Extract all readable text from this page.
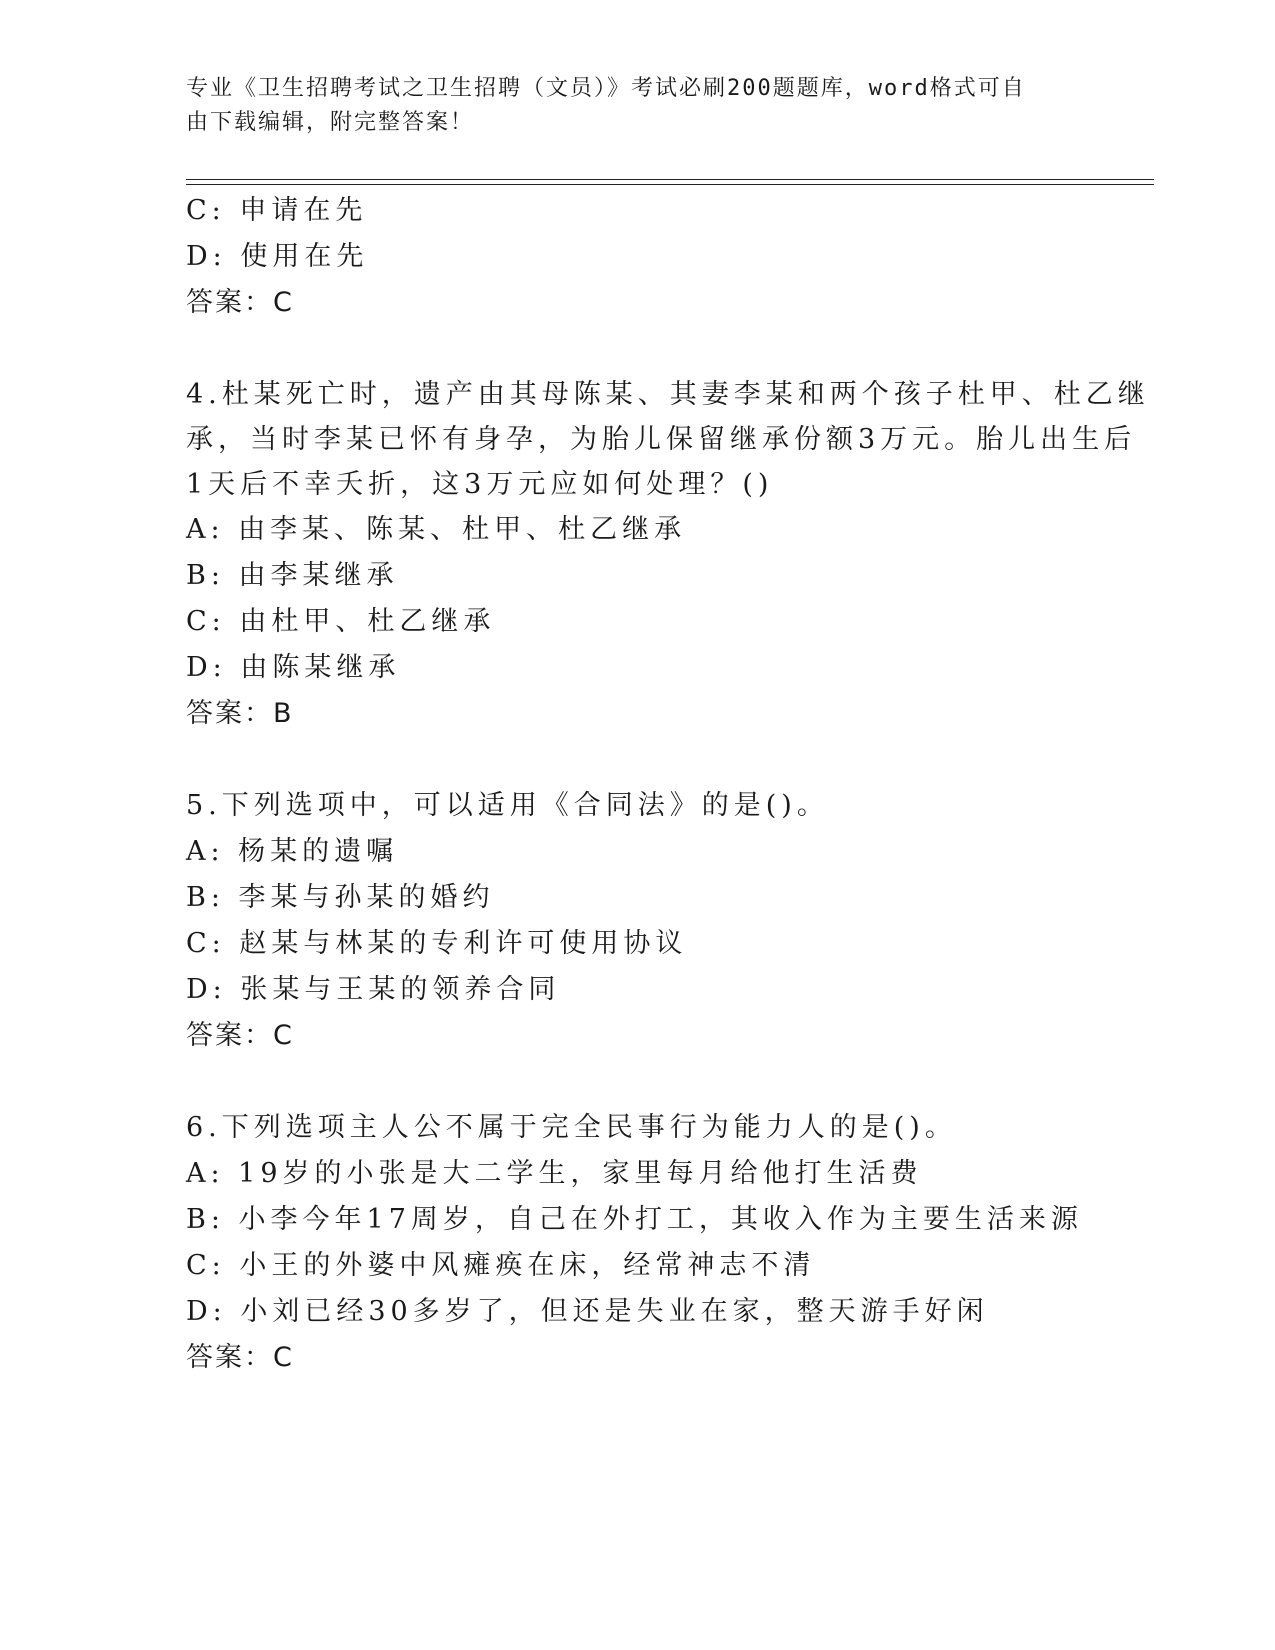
专业《卫生招聘考试之卫生招聘（文员）》考试必刷200题题库，word格式可自
由下载编辑，附完整答案！
C: 申请在先
D: 使用在先
答案：C
4.杜某死亡时，遗产由其母陈某、其妻李某和两个孩子杜甲、杜乙继
承，当时李某已怀有身孕，为胎儿保留继承份额3万元。胎儿出生后
1天后不幸夭折，这3万元应如何处理？()
A: 由李某、陈某、杜甲、杜乙继承
B: 由李某继承
C: 由杜甲、杜乙继承
D: 由陈某继承
答案：B
5.下列选项中，可以适用《合同法》的是()。
A: 杨某的遗嘱
B: 李某与孙某的婚约
C: 赵某与林某的专利许可使用协议
D: 张某与王某的领养合同
答案：C
6.下列选项主人公不属于完全民事行为能力人的是()。
A: 19岁的小张是大二学生，家里每月给他打生活费
B: 小李今年17周岁，自己在外打工，其收入作为主要生活来源
C: 小王的外婆中风瘫痪在床，经常神志不清
D: 小刘已经30多岁了，但还是失业在家，整天游手好闲
答案：C
